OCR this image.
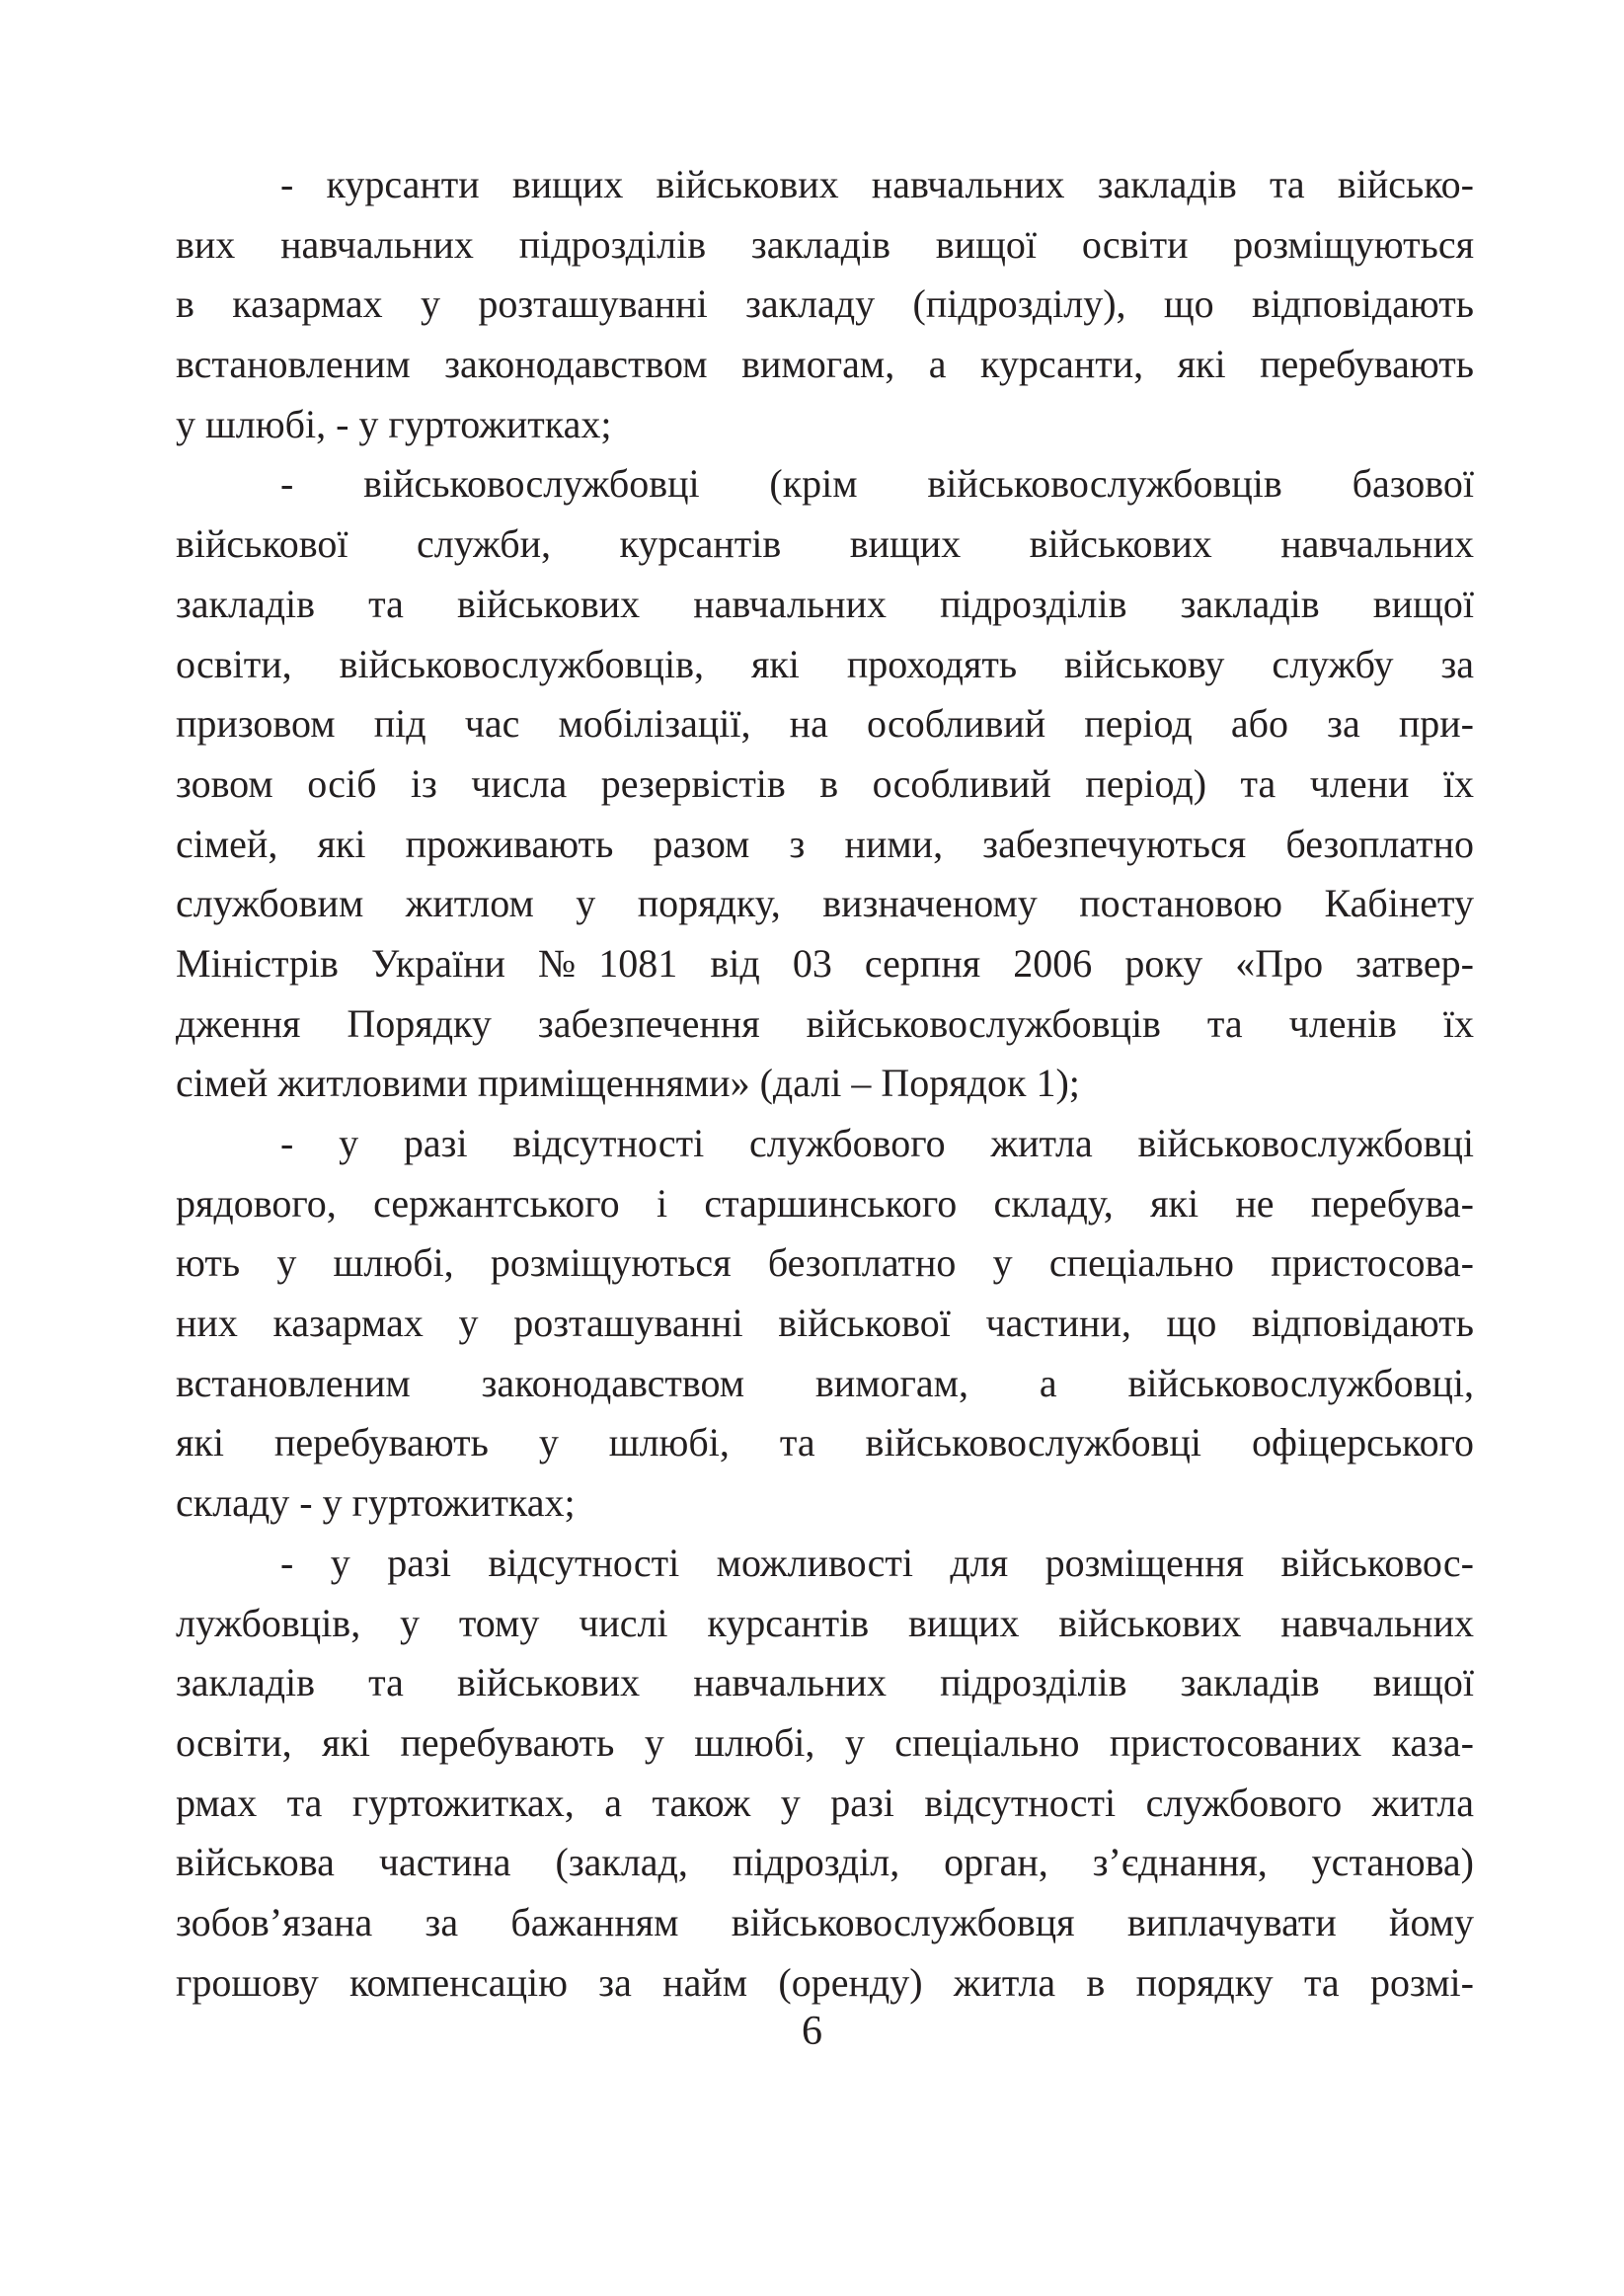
- курсанти вищих військових навчальних закладів та військо-
вих навчальних підрозділів закладів вищої освіти розміщуються
в казармах у розташуванні закладу (підрозділу), що відповідають
встановленим законодавством вимогам, а курсанти, які перебувають
у шлюбі, - у гуртожитках;
- військовослужбовці (крім військовослужбовців базової
військової служби, курсантів вищих військових навчальних
закладів та військових навчальних підрозділів закладів вищої
освіти, військовослужбовців, які проходять військову службу за
призовом під час мобілізації, на особливий період або за при-
зовом осіб із числа резервістів в особливий період) та члени їх
сімей, які проживають разом з ними, забезпечуються безоплатно
службовим житлом у порядку, визначеному постановою Кабінету
Міністрів України №1081 від 03 серпня 2006 року «Про затвер-
дження Порядку забезпечення військовослужбовців та членів їх
сімей житловими приміщеннями» (далі – Порядок 1);
- у разі відсутності службового житла військовослужбовці
рядового, сержантського і старшинського складу, які не перебува-
ють у шлюбі, розміщуються безоплатно у спеціально пристосова-
них казармах у розташуванні військової частини, що відповідають
встановленим законодавством вимогам, а військовослужбовці,
які перебувають у шлюбі, та військовослужбовці офіцерського
складу - у гуртожитках;
- у разі відсутності можливості для розміщення військовос-
лужбовців, у тому числі курсантів вищих військових навчальних
закладів та військових навчальних підрозділів закладів вищої
освіти, які перебувають у шлюбі, у спеціально пристосованих каза-
рмах та гуртожитках, а також у разі відсутності службового житла
військова частина (заклад, підрозділ, орган, з’єднання, установа)
зобов’язана за бажанням військовослужбовця виплачувати йому
грошову компенсацію за найм (оренду) житла в порядку та розмі-
6
